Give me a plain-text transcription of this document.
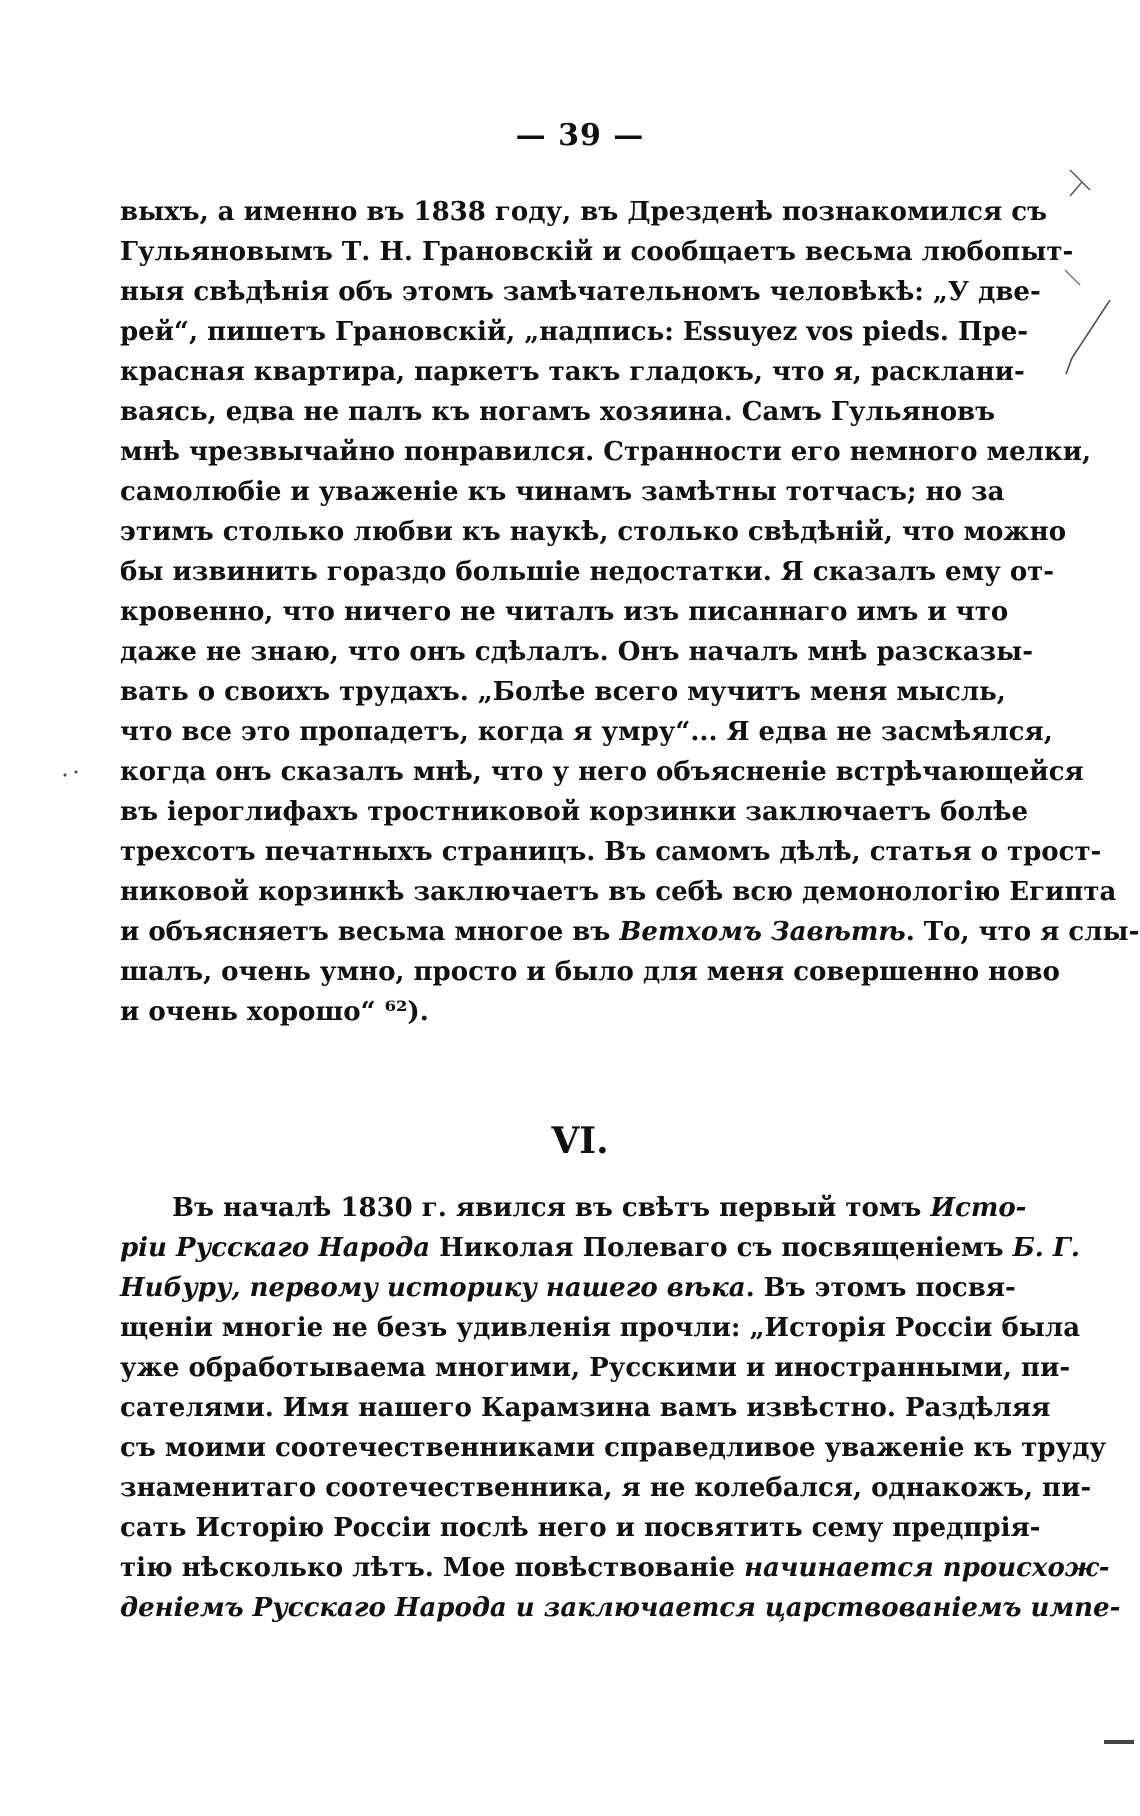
— 39 —
выхъ, а именно въ 1838 году, въ Дрезденѣ познакомился съ
Гульяновымъ Т. Н. Грановскій и сообщаетъ весьма любопыт-
ныя свѣдѣнія объ этомъ замѣчательномъ человѣкѣ: „У две-
рей“, пишетъ Грановскій, „надпись: Essuyez vos pieds. Пре-
красная квартира, паркетъ такъ гладокъ, что я, расклани-
ваясь, едва не палъ къ ногамъ хозяина. Самъ Гульяновъ
мнѣ чрезвычайно понравился. Странности его немного мелки,
самолюбіе и уваженіе къ чинамъ замѣтны тотчасъ; но за
этимъ столько любви къ наукѣ, столько свѣдѣній, что можно
бы извинить гораздо большіе недостатки. Я сказалъ ему от-
кровенно, что ничего не читалъ изъ писаннаго имъ и что
даже не знаю, что онъ сдѣлалъ. Онъ началъ мнѣ разсказы-
вать о своихъ трудахъ. „Болѣе всего мучитъ меня мысль,
что все это пропадетъ, когда я умру“... Я едва не засмѣялся,
когда онъ сказалъ мнѣ, что у него объясненіе встрѣчающейся
въ іероглифахъ тростниковой корзинки заключаетъ болѣе
трехсотъ печатныхъ страницъ. Въ самомъ дѣлѣ, статья о трост-
никовой корзинкѣ заключаетъ въ себѣ всю демонологію Египта
и объясняетъ весьма многое въ Ветхомъ Завѣтѣ. То, что я слы-
шалъ, очень умно, просто и было для меня совершенно ново
и очень хорошо“ ⁶²).
VI.
Въ началѣ 1830 г. явился въ свѣтъ первый томъ Исто-
ріи Русскаго Народа Николая Полеваго съ посвященіемъ Б. Г.
Нибуру, первому историку нашего вѣка. Въ этомъ посвя-
щеніи многіе не безъ удивленія прочли: „Исторія Россіи была
уже обработываема многими, Русскими и иностранными, пи-
сателями. Имя нашего Карамзина вамъ извѣстно. Раздѣляя
съ моими соотечественниками справедливое уваженіе къ труду
знаменитаго соотечественника, я не колебался, однакожъ, пи-
сать Исторію Россіи послѣ него и посвятить сему предпрія-
тію нѣсколько лѣтъ. Мое повѣствованіе начинается происхож-
деніемъ Русскаго Народа и заключается царствованіемъ импе-
